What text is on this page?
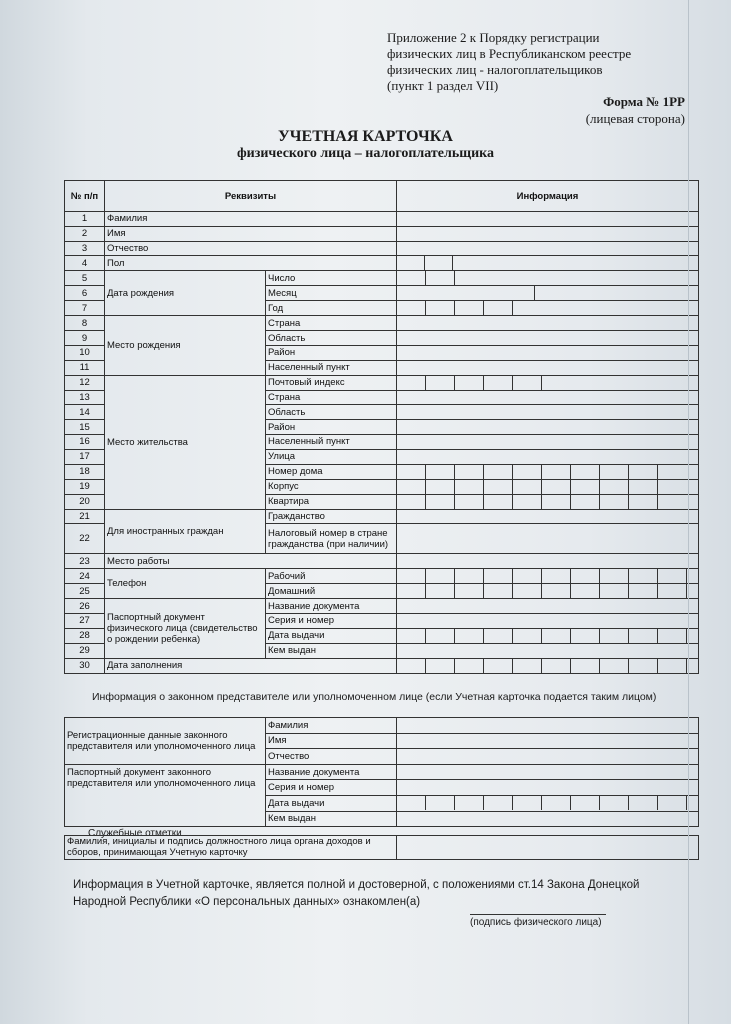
Приложение 2 к Порядку регистрации
физических лиц в Республиканском реестре
физических лиц - налогоплательщиков
(пункт 1 раздел VII)
Форма № 1РР
(лицевая сторона)
УЧЕТНАЯ КАРТОЧКА
физического лица – налогоплательщика
№ п/п	Реквизиты		Информация
1	Фамилия		
2	Имя		
3	Отчество		
4	Пол		

5	Дата рождения	Число	

6		Месяц	

7		Год	

8	Место рождения	Страна	
9		Область	
10		Район	
11		Населенный пункт	
12	Место жительства	Почтовый индекс	

13		Страна	
14		Область	
15		Район	
16		Населенный пункт	
17		Улица	
18		Номер дома	

19		Корпус	

20		Квартира	

21	Для иностранных граждан	Гражданство	
22		Налоговый номер в стране гражданства (при наличии)	
23	Место работы		
24	Телефон	Рабочий	

25		Домашний	

26	Паспортный документ физического лица (свидетельство о рождении ребенка)	Название документа	
27		Серия и номер	
28		Дата выдачи	

29		Кем выдан	
30	Дата заполнения		
Информация о законном представителе или уполномоченном лице (если Учетная карточка подается таким лицом)
Регистрационные данные законного представителя или уполномоченного лица	Фамилия	
	Имя	
	Отчество	
Паспортный документ законного представителя или уполномоченного лица	Название документа	
	Серия и номер	
	Дата выдачи	

	Кем выдан	
Служебные отметки
Фамилия, инициалы и подпись должностного лица органа доходов и сборов, принимающая Учетную карточку	
Информация в Учетной карточке, является полной и достоверной, с положениями ст.14 Закона Донецкой Народной Республики «О персональных данных» ознакомлен(а)
(подпись физического лица)
